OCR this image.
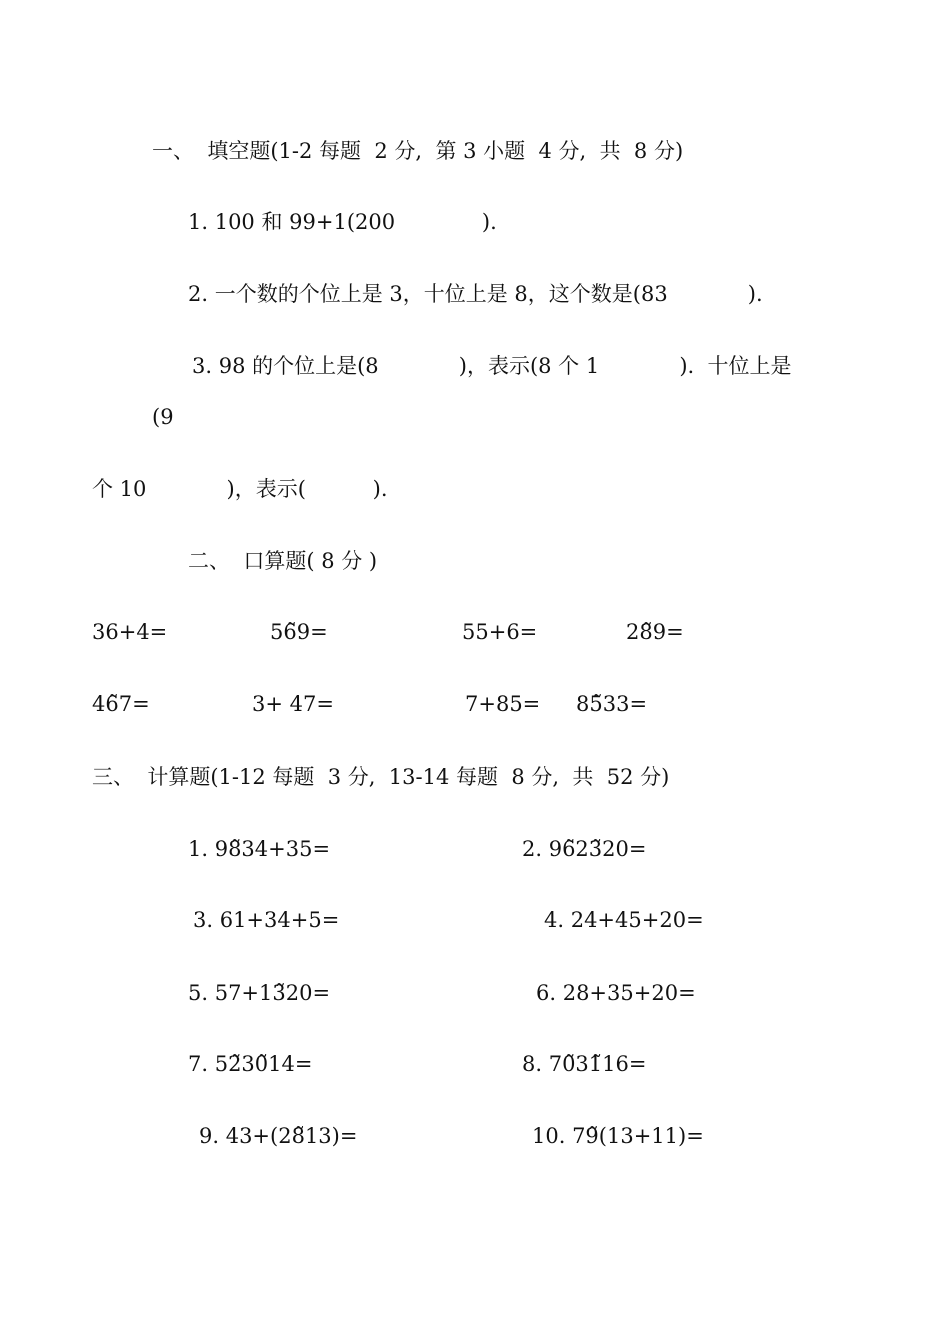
一、  填空题(1-2 每题  2 分,  第 3 小题  4 分,  共  8 分)
1. 100 和 99+1(200             ).
2. 一个数的个位上是 3，十位上是 8，这个数是(83            ).
3. 98 的个位上是(8            )，表示(8 个 1            ).  十位上是
(9
个 10            )，表示(          ).
二、  口算题( 8 分 )
36+4=	56̃9=	55+6=	28̃9=
46̃7=	3+ 47=	7+85= 85̃33=
三、  计算题(1-12 每题  3 分,  13-14 每题  8 分,  共  52 分)
1. 98̃34+35=	2. 96̃23̃20=
3. 61+34+5=	4. 24+45+20=
5. 57+13̃20=	6. 28+35+20=
7. 52̃30̃14=	8. 70̃31̃16=
9. 43+(28̃13)=	10. 79̃(13+11)=
